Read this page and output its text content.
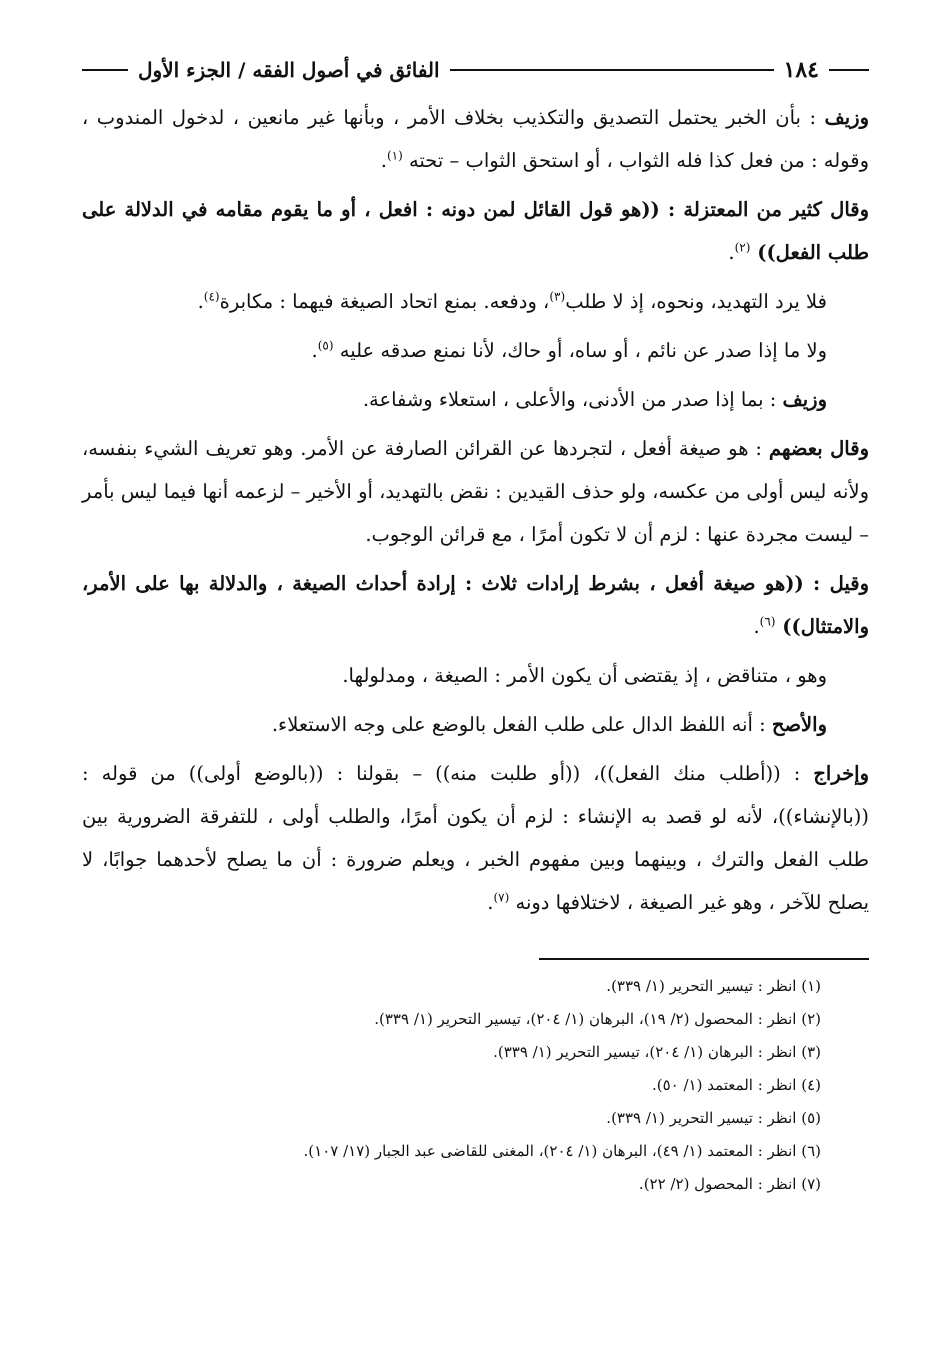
١٨٤
الفائق في أصول الفقه / الجزء الأول

وزيف : بأن الخبر يحتمل التصديق والتكذيب بخلاف الأمر ، وبأنها غير مانعين ، لدخول المندوب ، وقوله : من فعل كذا فله الثواب ، أو استحق الثواب – تحته $^{(١)}$.

وقال كثير من المعتزلة : ((هو قول القائل لمن دونه : افعل ، أو ما يقوم مقامه في الدلالة على طلب الفعل)) $^{(٢)}$.

فلا يرد التهديد، ونحوه، إذ لا طلب$^{(٣)}$، ودفعه. بمنع اتحاد الصيغة فيهما : مكابرة$^{(٤)}$.

ولا ما إذا صدر عن نائم ، أو ساه، أو حاك، لأنا نمنع صدقه عليه $^{(٥)}$.

وزيف : بما إذا صدر من الأدنى، والأعلى ، استعلاء وشفاعة.

وقال بعضهم : هو صيغة أفعل ، لتجردها عن القرائن الصارفة عن الأمر. وهو تعريف الشيء بنفسه، ولأنه ليس أولى من عكسه، ولو حذف القيدين : نقض بالتهديد، أو الأخير – لزعمه أنها فيما ليس بأمر – ليست مجردة عنها : لزم أن لا تكون أمرًا ، مع قرائن الوجوب.

وقيل : ((هو صيغة أفعل ، بشرط إرادات ثلاث : إرادة أحداث الصيغة ، والدلالة بها على الأمر، والامتثال)) $^{(٦)}$.

وهو ، متناقض ، إذ يقتضى أن يكون الأمر : الصيغة ، ومدلولها.

والأصح : أنه اللفظ الدال على طلب الفعل بالوضع على وجه الاستعلاء.

وإخراج : ((أطلب منك الفعل))، ((أو طلبت منه)) – بقولنا : ((بالوضع أولى)) من قوله : ((بالإنشاء))، لأنه لو قصد به الإنشاء : لزم أن يكون أمرًا، والطلب أولى ، للتفرقة الضرورية بين طلب الفعل والترك ، وبينهما وبين مفهوم الخبر ، ويعلم ضرورة : أن ما يصلح لأحدهما جوابًا، لا يصلح للآخر ، وهو غير الصيغة ، لاختلافها دونه $^{(٧)}$.

(١) انظر : تيسير التحرير (١/ ٣٣٩).
(٢) انظر : المحصول (٢/ ١٩)، البرهان (١/ ٢٠٤)، تيسير التحرير (١/ ٣٣٩).
(٣) انظر : البرهان (١/ ٢٠٤)، تيسير التحرير (١/ ٣٣٩).
(٤) انظر : المعتمد (١/ ٥٠).
(٥) انظر : تيسير التحرير (١/ ٣٣٩).
(٦) انظر : المعتمد (١/ ٤٩)، البرهان (١/ ٢٠٤)، المغنى للقاضى عبد الجبار (١٧/ ١٠٧).
(٧) انظر : المحصول (٢/ ٢٢).
